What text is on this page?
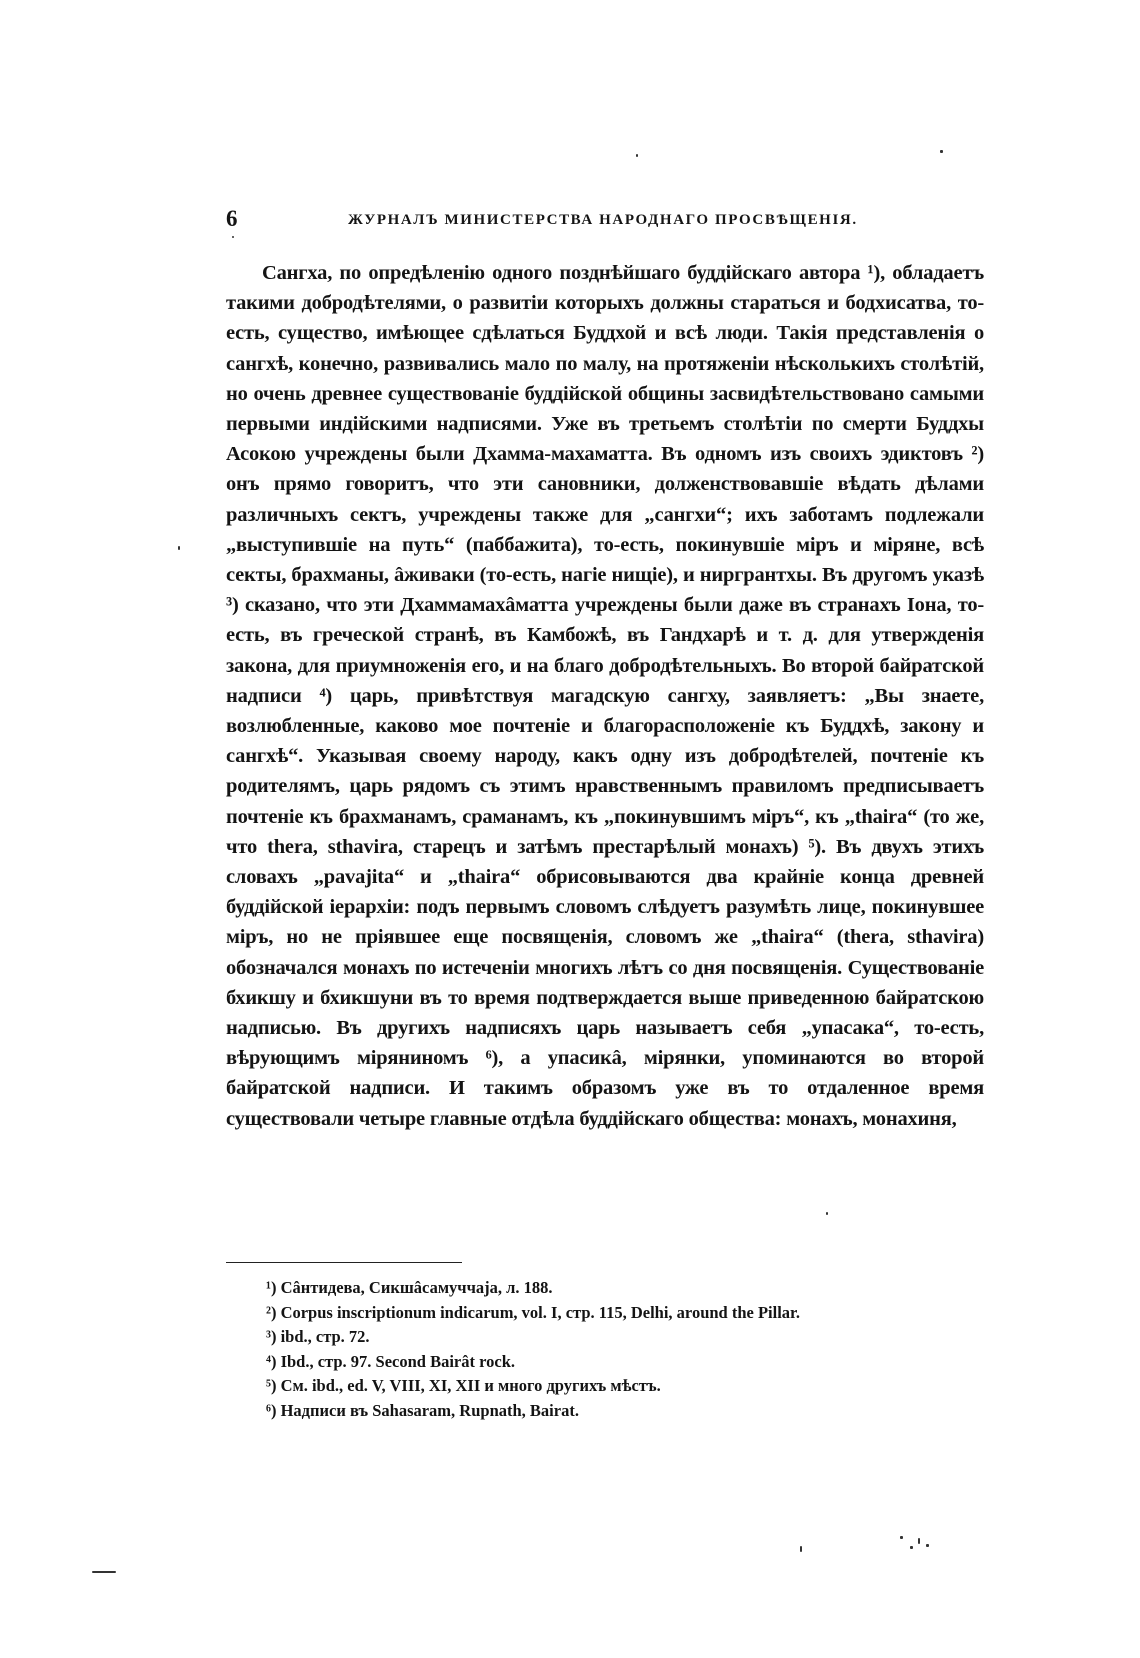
6	ЖУРНАЛЪ МИНИСТЕРСТВА НАРОДНАГО ПРОСВѢЩЕНІЯ.

Сангха, по опредѣленію одного позднѣйшаго буддійскаго автора ¹), обладаетъ такими добродѣтелями, о развитіи которыхъ должны стараться и бодхисатва, то-есть, существо, имѣющее сдѣлаться Буддхой и всѣ люди. Такія представленія о сангхѣ, конечно, развивались мало по малу, на протяженіи нѣсколькихъ столѣтій, но очень древнее существованіе буддійской общины засвидѣтельствовано самыми первыми индійскими надписями. Уже въ третьемъ столѣтіи по смерти Буддхы Асокою учреждены были Дхамма-махаматта. Въ одномъ изъ своихъ эдиктовъ ²) онъ прямо говоритъ, что эти сановники, долженствовавшіе вѣдать дѣлами различныхъ сектъ, учреждены также для „сангхи“; ихъ заботамъ подлежали „выступившіе на путь“ (паббажита), то-есть, покинувшіе міръ и міряне, всѣ секты, брахманы, âживаки (то-есть, нагіе нищіе), и ниргрантхы. Въ другомъ указѣ ³) сказано, что эти Дхаммамахâматта учреждены были даже въ странахъ Іона, то-есть, въ греческой странѣ, въ Камбожѣ, въ Гандхарѣ и т. д. для утвержденія закона, для приумноженія его, и на благо добродѣтельныхъ. Во второй байратской надписи ⁴) царь, привѣтствуя магадскую сангху, заявляетъ: „Вы знаете, возлюбленные, каково мое почтеніе и благорасположеніе къ Буддхѣ, закону и сангхѣ“. Указывая своему народу, какъ одну изъ добродѣтелей, почтеніе къ родителямъ, царь рядомъ съ этимъ нравственнымъ правиломъ предписываетъ почтеніе къ брахманамъ, сраманамъ, къ „покинувшимъ міръ“, къ „thaira“ (то же, что thera, sthavira, старецъ и затѣмъ престарѣлый монахъ) ⁵). Въ двухъ этихъ словахъ „pavajita“ и „thaira“ обрисовываются два крайніе конца древней буддійской іерархіи: подъ первымъ словомъ слѣдуетъ разумѣть лице, покинувшее міръ, но не пріявшее еще посвященія, словомъ же „thaira“ (thera, sthavira) обозначался монахъ по истеченіи многихъ лѣтъ со дня посвященія. Существованіе бхикшу и бхикшуни въ то время подтверждается выше приведенною байратскою надписью. Въ другихъ надписяхъ царь называетъ себя „упасака“, то-есть, вѣрующимъ міряниномъ ⁶), а упасикâ, мірянки, упоминаются во второй байратской надписи. И такимъ образомъ уже въ то отдаленное время существовали четыре главные отдѣла буддійскаго общества: монахъ, монахиня,

¹) Сâнтидева, Сикшâсамуччаја, л. 188.
²) Corpus inscriptionum indicarum, vol. I, стр. 115, Delhi, around the Pillar.
³) ibd., стр. 72.
⁴) Ibd., стр. 97. Second Bairât rock.
⁵) См. ibd., ed. V, VIII, XI, XII и много другихъ мѣстъ.
⁶) Надписи въ Sahasaram, Rupnath, Bairat.
